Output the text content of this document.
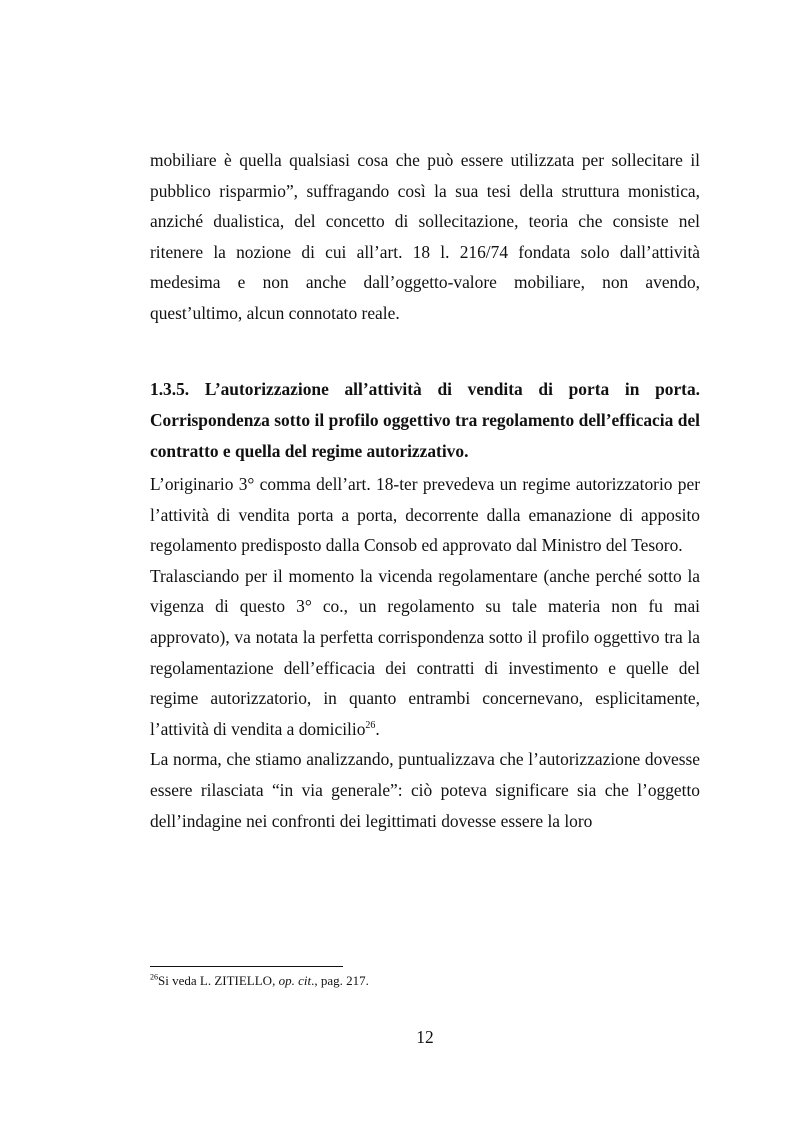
mobiliare è quella qualsiasi cosa che può essere utilizzata per sollecitare il pubblico risparmio”, suffragando così la sua tesi della struttura monistica, anziché dualistica, del concetto di sollecitazione, teoria che consiste nel ritenere la nozione di cui all’art. 18 l. 216/74 fondata solo dall’attività medesima e non anche dall’oggetto-valore mobiliare, non avendo, quest’ultimo, alcun connotato reale.

1.3.5. L’autorizzazione all’attività di vendita di porta in porta. Corrispondenza sotto il profilo oggettivo tra regolamento dell’efficacia del contratto e quella del regime autorizzativo.

L’originario 3° comma dell’art. 18-ter prevedeva un regime autorizzatorio per l’attività di vendita porta a porta, decorrente dalla emanazione di apposito regolamento predisposto dalla Consob ed approvato dal Ministro del Tesoro.

Tralasciando per il momento la vicenda regolamentare (anche perché sotto la vigenza di questo 3° co., un regolamento su tale materia non fu mai approvato), va notata la perfetta corrispondenza sotto il profilo oggettivo tra la regolamentazione dell’efficacia dei contratti di investimento e quelle del regime autorizzatorio, in quanto entrambi concernevano, esplicitamente, l’attività di vendita a domicilio$^{26}$.

La norma, che stiamo analizzando, puntualizzava che l’autorizzazione dovesse essere rilasciata “in via generale”: ciò poteva significare sia che l’oggetto dell’indagine nei confronti dei legittimati dovesse essere la loro

$^{26}$Si veda L. ZITIELLO, op. cit., pag. 217.
12
